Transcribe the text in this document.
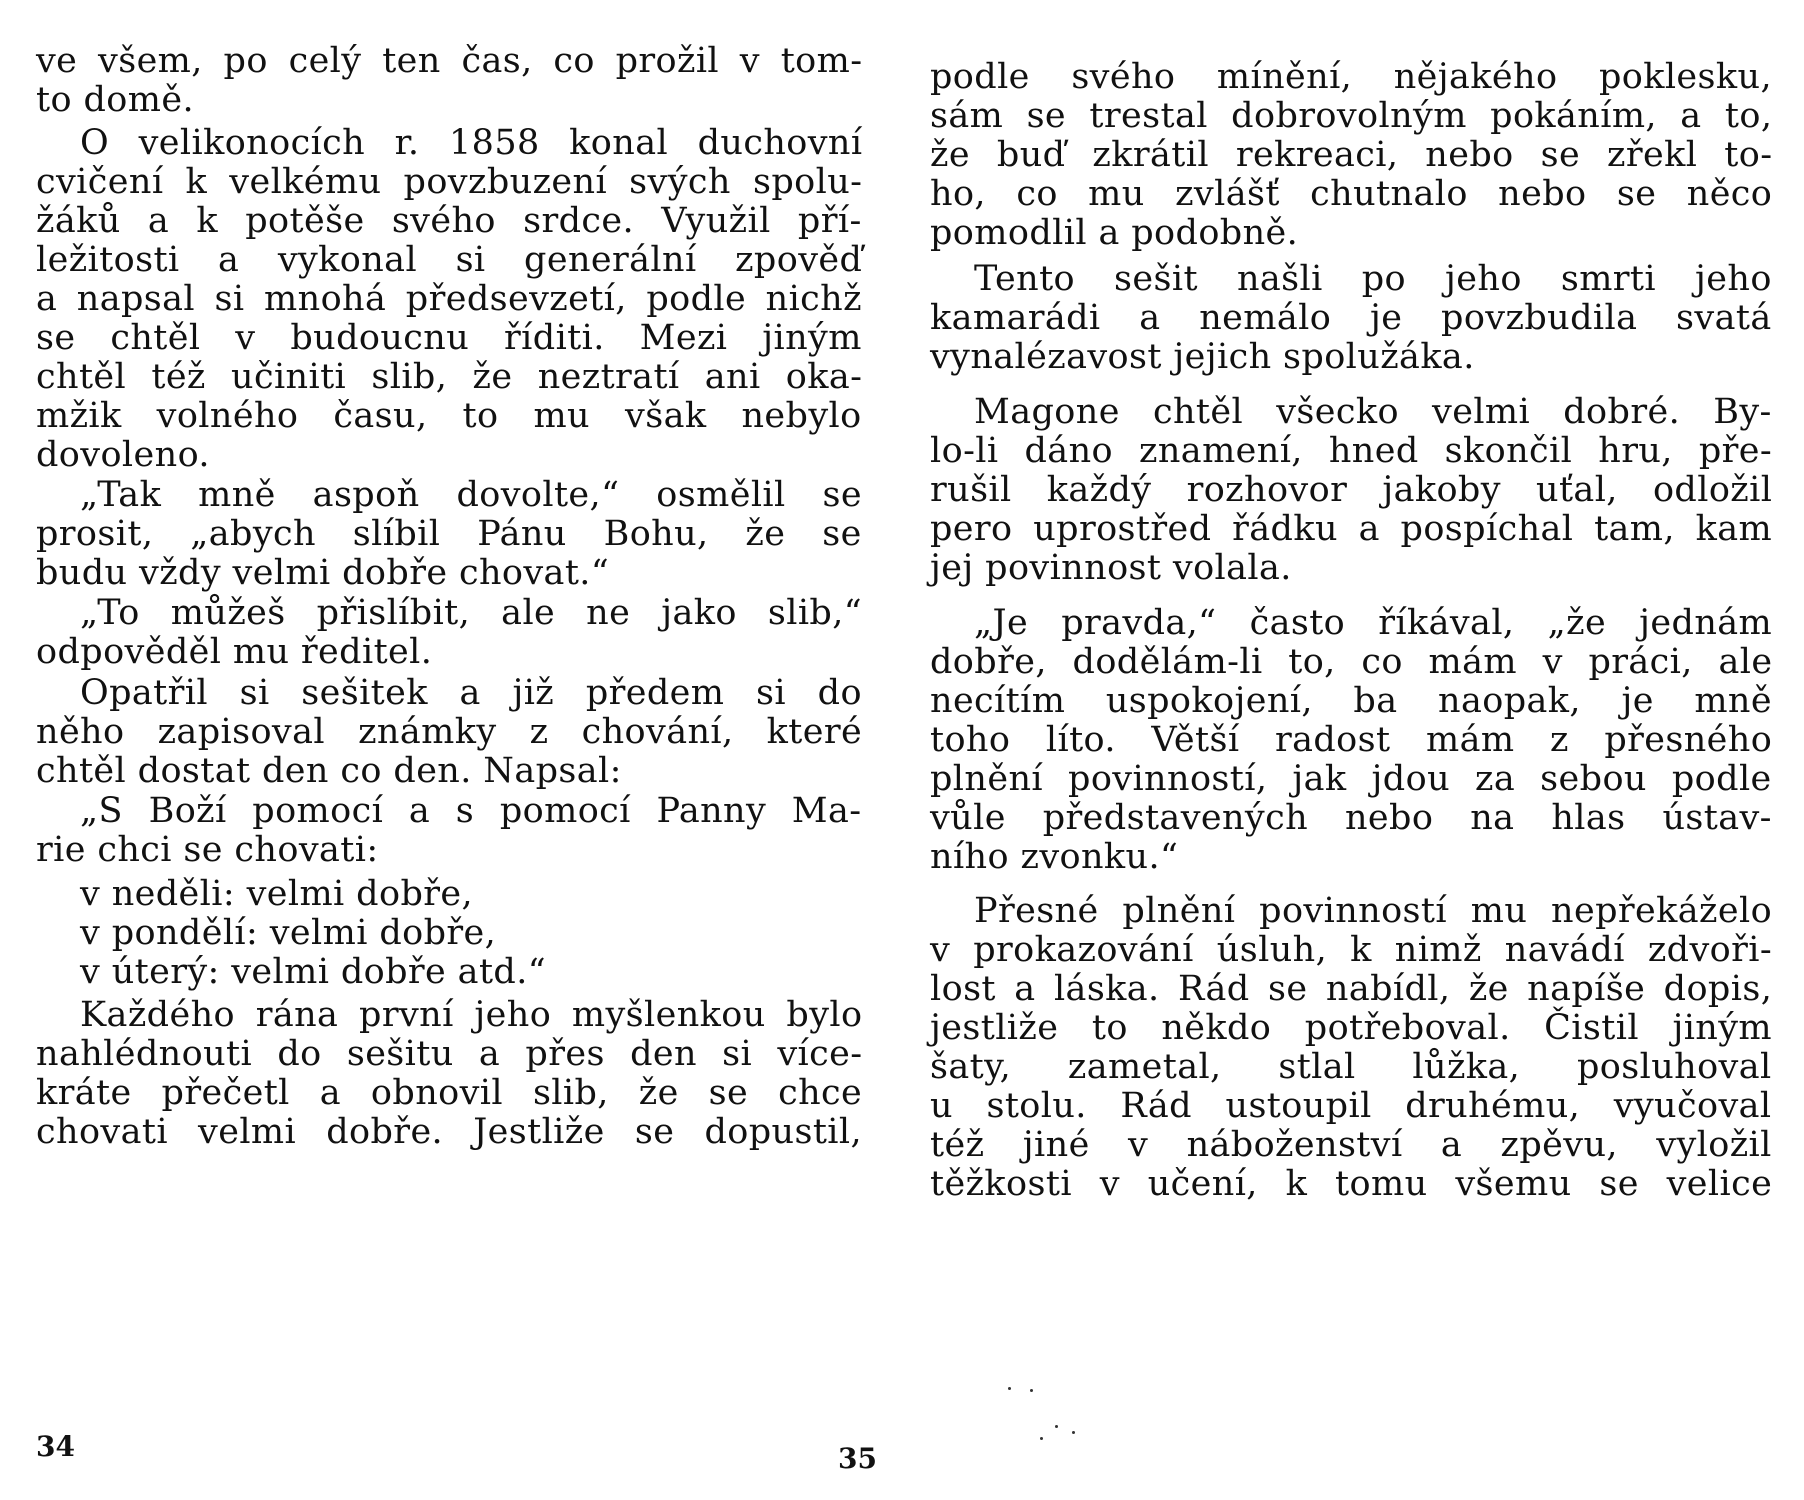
ve všem, po celý ten čas, co prožil v tom-

to domě.

O velikonocích r. 1858 konal duchovní

cvičení k velkému povzbuzení svých spolu-

žáků a k potěše svého srdce. Využil pří-

ležitosti a vykonal si generální zpověď

a napsal si mnohá předsevzetí, podle nichž

se chtěl v budoucnu říditi. Mezi jiným

chtěl též učiniti slib, že neztratí ani oka-

mžik volného času, to mu však nebylo

dovoleno.

„Tak mně aspoň dovolte,“ osmělil se

prosit, „abych slíbil Pánu Bohu, že se

budu vždy velmi dobře chovat.“

„To můžeš přislíbit, ale ne jako slib,“

odpověděl mu ředitel.

Opatřil si sešitek a již předem si do

něho zapisoval známky z chování, které

chtěl dostat den co den. Napsal:

„S Boží pomocí a s pomocí Panny Ma-

rie chci se chovati:

v neděli: velmi dobře,

v pondělí: velmi dobře,

v úterý: velmi dobře atd.“

Každého rána první jeho myšlenkou bylo

nahlédnouti do sešitu a přes den si více-

kráte přečetl a obnovil slib, že se chce

chovati velmi dobře. Jestliže se dopustil,

podle svého mínění, nějakého poklesku,

sám se trestal dobrovolným pokáním, a to,

že buď zkrátil rekreaci, nebo se zřekl to-

ho, co mu zvlášť chutnalo nebo se něco

pomodlil a podobně.

Tento sešit našli po jeho smrti jeho

kamarádi a nemálo je povzbudila svatá

vynalézavost jejich spolužáka.

Magone chtěl všecko velmi dobré. By-

lo-li dáno znamení, hned skončil hru, pře-

rušil každý rozhovor jakoby uťal, odložil

pero uprostřed řádku a pospíchal tam, kam

jej povinnost volala.

„Je pravda,“ často říkával, „že jednám

dobře, dodělám-li to, co mám v práci, ale

necítím uspokojení, ba naopak, je mně

toho líto. Větší radost mám z přesného

plnění povinností, jak jdou za sebou podle

vůle představených nebo na hlas ústav-

ního zvonku.“

Přesné plnění povinností mu nepřekáželo

v prokazování úsluh, k nimž navádí zdvoři-

lost a láska. Rád se nabídl, že napíše dopis,

jestliže to někdo potřeboval. Čistil jiným

šaty, zametal, stlal lůžka, posluhoval

u stolu. Rád ustoupil druhému, vyučoval

též jiné v náboženství a zpěvu, vyložil

těžkosti v učení, k tomu všemu se velice

34	35
